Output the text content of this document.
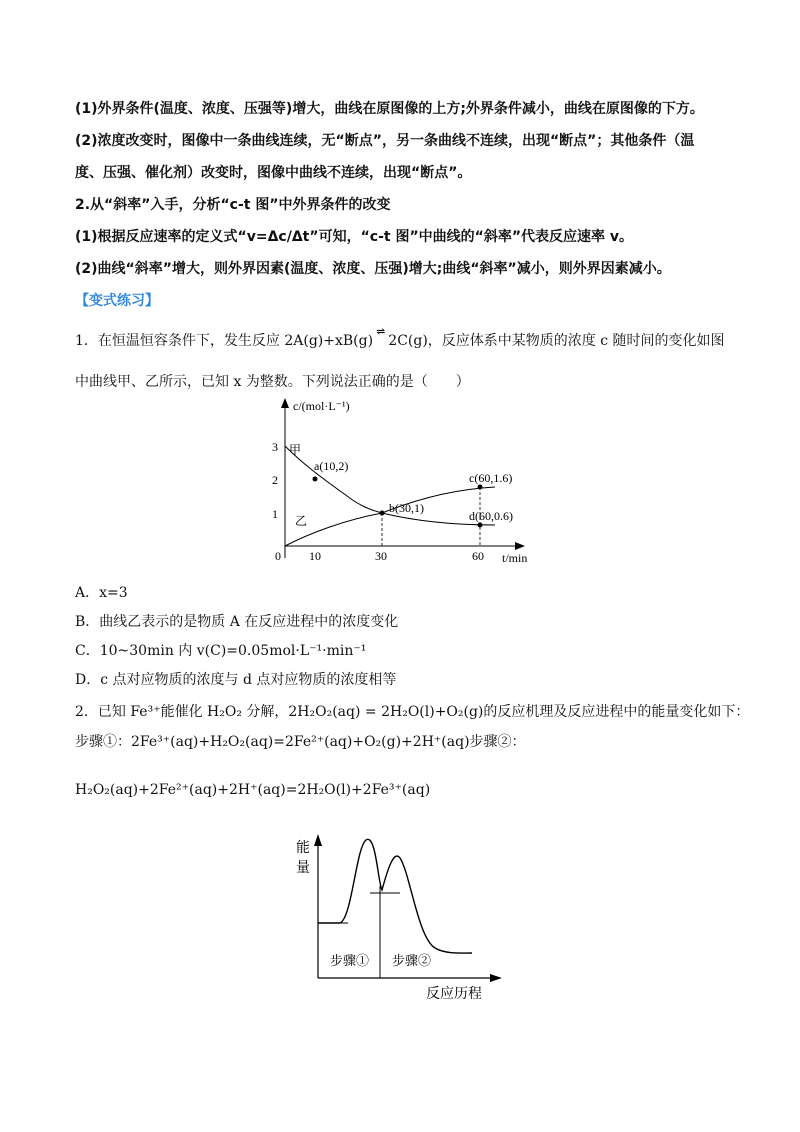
(1)外界条件(温度、浓度、压强等)增大，曲线在原图像的上方;外界条件减小，曲线在原图像的下方。
(2)浓度改变时，图像中一条曲线连续，无“断点”，另一条曲线不连续，出现“断点”；其他条件（温
度、压强、催化剂）改变时，图像中曲线不连续，出现“断点”。
2.从“斜率”入手，分析“c-t 图”中外界条件的改变
(1)根据反应速率的定义式“v=Δc/Δt”可知，“c-t 图”中曲线的“斜率”代表反应速率 v。
(2)曲线“斜率”增大，则外界因素(温度、浓度、压强)增大;曲线“斜率”减小，则外界因素减小。
【变式练习】
1．在恒温恒容条件下，发生反应 2A(g)+xB(g)⇌2C(g)，反应体系中某物质的浓度 c 随时间的变化如图
中曲线甲、乙所示，已知 x 为整数。下列说法正确的是（　　）
c/(mol·L⁻¹)
t/min
0
1
2
3
10	30	60
a(10,2)
b(30,1)
c(60,1.6)
d(60,0.6)
甲
乙
A．x=3
B．曲线乙表示的是物质 A 在反应进程中的浓度变化
C．10~30min 内 v(C)=0.05mol·L⁻¹·min⁻¹
D．c 点对应物质的浓度与 d 点对应物质的浓度相等
2．已知 Fe³⁺能催化 H₂O₂ 分解，2H₂O₂(aq) = 2H₂O(l)+O₂(g)的反应机理及反应进程中的能量变化如下：
步骤①：2Fe³⁺(aq)+H₂O₂(aq)=2Fe²⁺(aq)+O₂(g)+2H⁺(aq)步骤②：
H₂O₂(aq)+2Fe²⁺(aq)+2H⁺(aq)=2H₂O(l)+2Fe³⁺(aq)
能
量
反应历程
步骤① 步骤②
